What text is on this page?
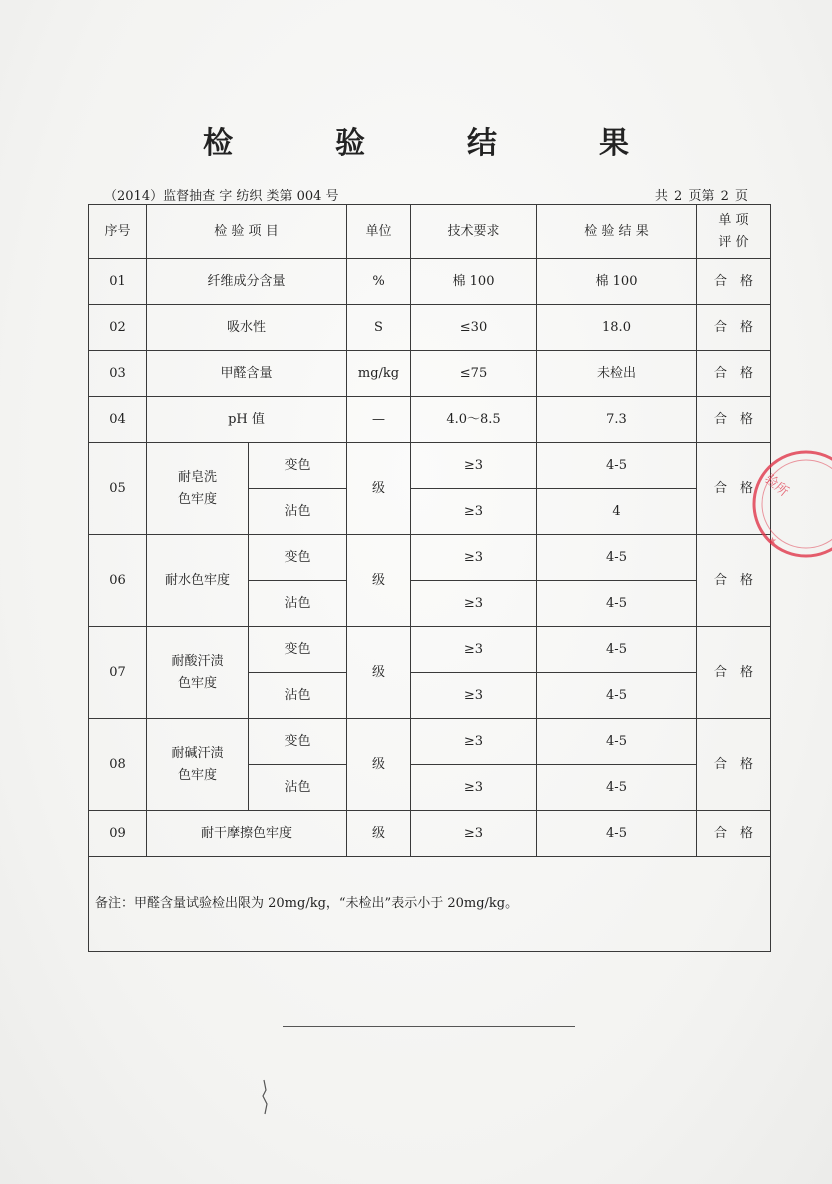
检　验　结　果
（2014）监督抽查 字 纺织 类第 004 号	共 2 页第 2 页
序号	检 验 项 目		单位	技术要求	检 验 结 果	单 项
评 价

01	纤维成分含量		%	棉 100	棉 100	合　格
02	吸水性		S	≤30	18.0	合　格
03	甲醛含量		mg/kg	≤75	未检出	合　格
04	pH 值		—	4.0～8.5	7.3	合　格
05	耐皂洗
色牢度	变色	级	≥3	4-5	合　格
		沾色		≥3	4	
06	耐水色牢度	变色	级	≥3	4-5	合　格
		沾色		≥3	4-5	
07	耐酸汗渍
色牢度	变色	级	≥3	4-5	合　格
		沾色		≥3	4-5	
08	耐碱汗渍
色牢度	变色	级	≥3	4-5	合　格
		沾色		≥3	4-5	
09	耐干摩擦色牢度		级	≥3	4-5	合　格
备注：甲醛含量试验检出限为 20mg/kg，“未检出”表示小于 20mg/kg。						
验所
★
